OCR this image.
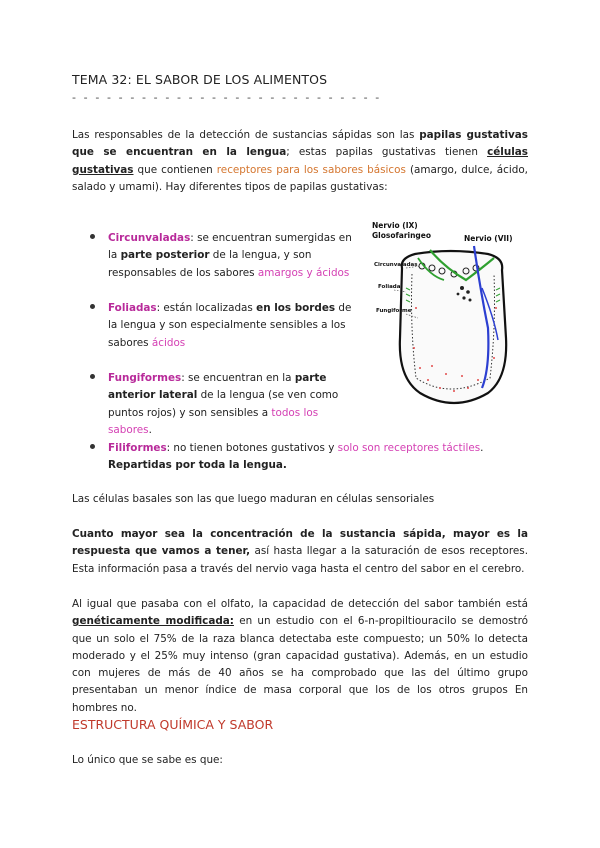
TEMA 32: EL SABOR DE LOS ALIMENTOS
- - - - - - - - - - - - - - - - - - - - - - - - - - -
Las responsables de la detección de sustancias sápidas son las papilas gustativas que se encuentran en la lengua; estas papilas gustativas tienen células gustativas que contienen receptores para los sabores básicos (amargo, dulce, ácido, salado y umami). Hay diferentes tipos de papilas gustativas:
Circunvaladas: se encuentran sumergidas en la parte posterior de la lengua, y son responsables de los sabores amargos y ácidos
Foliadas: están localizadas en los bordes de la lengua y son especialmente sensibles a los sabores ácidos
Fungiformes: se encuentran en la parte anterior lateral de la lengua (se ven como puntos rojos) y son sensibles a todos los sabores.
Filiformes: no tienen botones gustativos y solo son receptores táctiles. Repartidas por toda la lengua.
Nervio (IX)
Glosofaringeo	Nervio (VII)
Circunvaladas
Foliada
Fungiforme
Las células basales son las que luego maduran en células sensoriales
Cuanto mayor sea la concentración de la sustancia sápida, mayor es la respuesta que vamos a tener, así hasta llegar a la saturación de esos receptores. Esta información pasa a través del nervio vaga hasta el centro del sabor en el cerebro.
Al igual que pasaba con el olfato, la capacidad de detección del sabor también está genéticamente modificada: en un estudio con el 6-n-propiltiouracilo se demostró que un solo el 75% de la raza blanca detectaba este compuesto; un 50% lo detecta moderado y el 25% muy intenso (gran capacidad gustativa). Además, en un estudio con mujeres de más de 40 años se ha comprobado que las del último grupo presentaban un menor índice de masa corporal que los de los otros grupos En hombres no.
ESTRUCTURA QUÍMICA Y SABOR
Lo único que se sabe es que:
